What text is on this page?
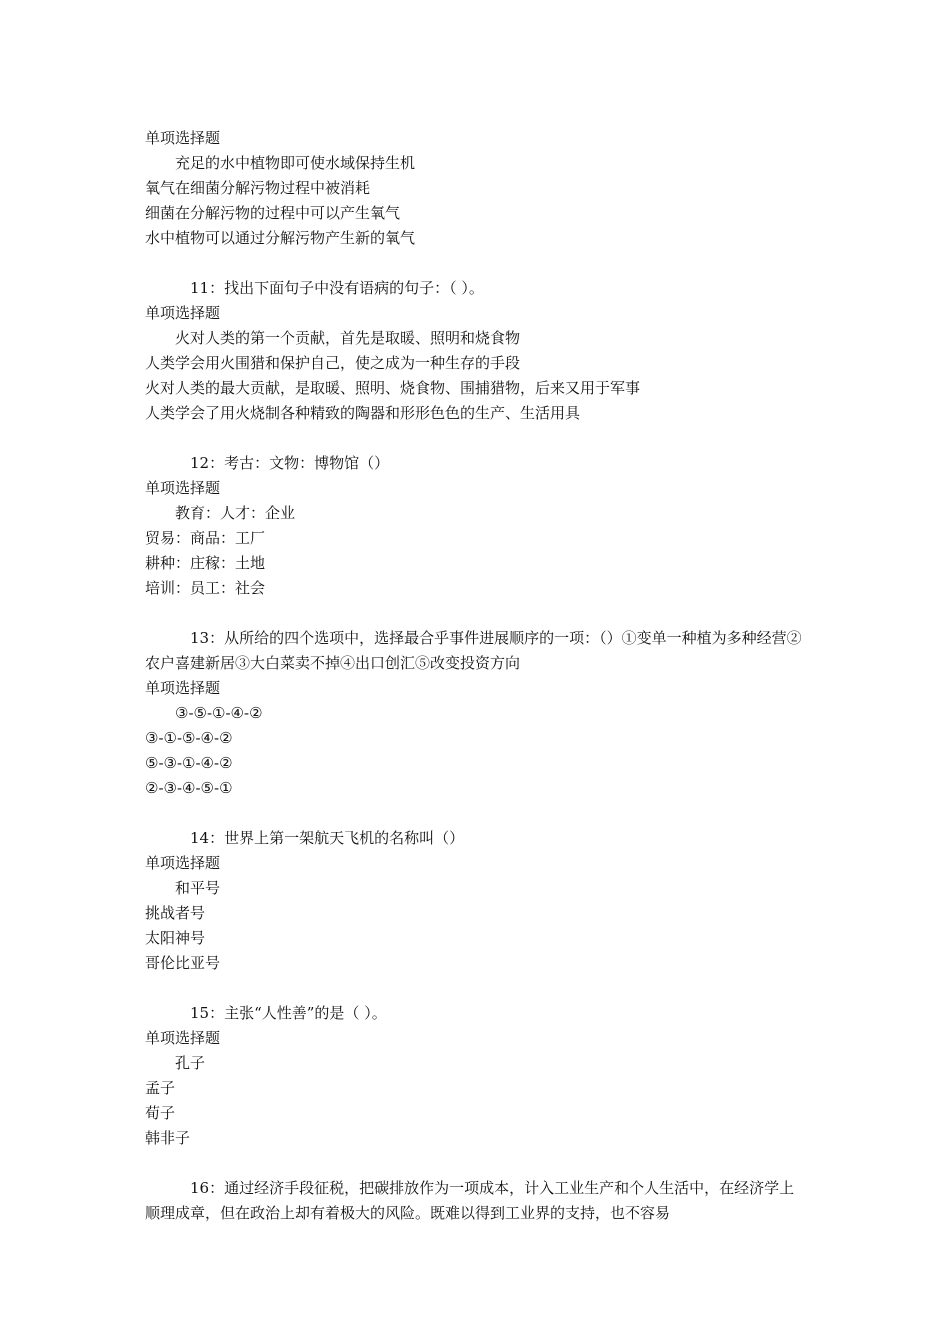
单项选择题
充足的水中植物即可使水域保持生机
氧气在细菌分解污物过程中被消耗
细菌在分解污物的过程中可以产生氧气
水中植物可以通过分解污物产生新的氧气
11：找出下面句子中没有语病的句子：（ ）。
单项选择题
火对人类的第一个贡献，首先是取暖、照明和烧食物
人类学会用火围猎和保护自己，使之成为一种生存的手段
火对人类的最大贡献，是取暖、照明、烧食物、围捕猎物，后来又用于军事
人类学会了用火烧制各种精致的陶器和形形色色的生产、生活用具
12：考古：文物：博物馆（）
单项选择题
教育：人才：企业
贸易：商品：工厂
耕种：庄稼：土地
培训：员工：社会
13：从所给的四个选项中，选择最合乎事件进展顺序的一项：（）①变单一种植为多种经营②农户喜建新居③大白菜卖不掉④出口创汇⑤改变投资方向
单项选择题
③-⑤-①-④-②
③-①-⑤-④-②
⑤-③-①-④-②
②-③-④-⑤-①
14：世界上第一架航天飞机的名称叫（）
单项选择题
和平号
挑战者号
太阳神号
哥伦比亚号
15：主张“人性善”的是（ ）。
单项选择题
孔子
孟子
荀子
韩非子
16：通过经济手段征税，把碳排放作为一项成本，计入工业生产和个人生活中，在经济学上顺理成章，但在政治上却有着极大的风险。既难以得到工业界的支持，也不容易
